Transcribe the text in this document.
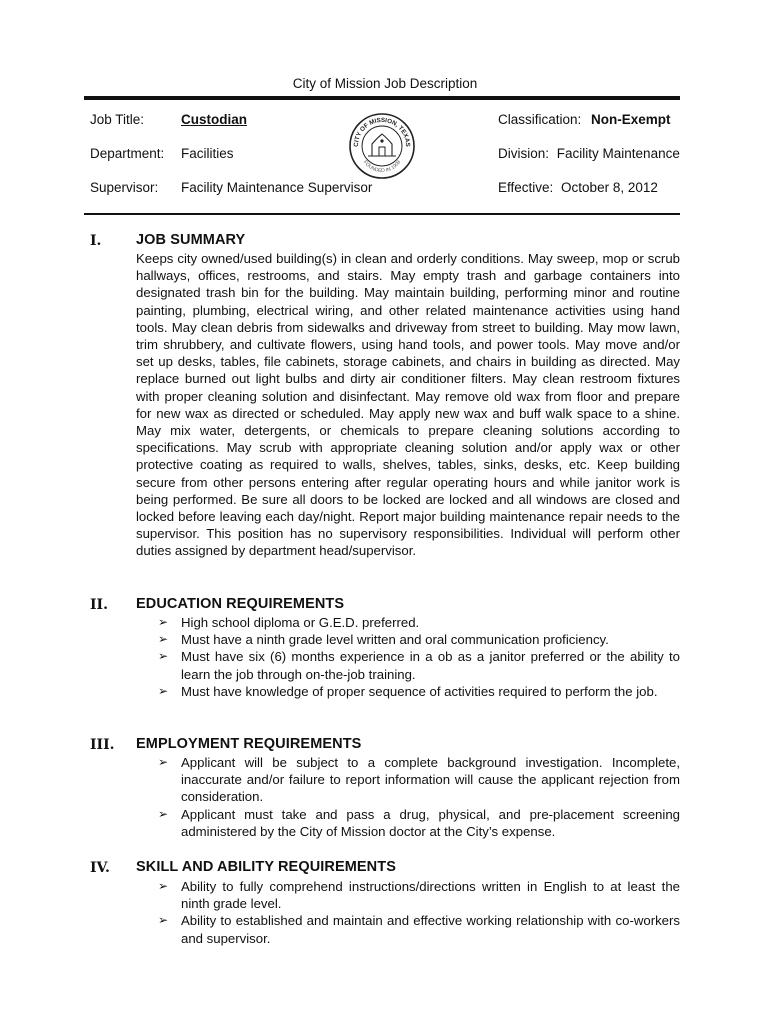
City of Mission Job Description
Job Title:	Custodian
Department: Facilities
Supervisor: Facility Maintenance Supervisor
Classification: Non-Exempt
Division: Facility Maintenance
Effective: October 8, 2012
CITY OF MISSION, TEXAS
FOUNDED IN 1908
I. JOB SUMMARY
Keeps city owned/used building(s) in clean and orderly conditions. May sweep, mop or scrub hallways, offices, restrooms, and stairs. May empty trash and garbage containers into designated trash bin for the building. May maintain building, performing minor and routine painting, plumbing, electrical wiring, and other related maintenance activities using hand tools. May clean debris from sidewalks and driveway from street to building. May mow lawn, trim shrubbery, and cultivate flowers, using hand tools, and power tools. May move and/or set up desks, tables, file cabinets, storage cabinets, and chairs in building as directed. May replace burned out light bulbs and dirty air conditioner filters. May clean restroom fixtures with proper cleaning solution and disinfectant. May remove old wax from floor and prepare for new wax as directed or scheduled. May apply new wax and buff walk space to a shine. May mix water, detergents, or chemicals to prepare cleaning solutions according to specifications. May scrub with appropriate cleaning solution and/or apply wax or other protective coating as required to walls, shelves, tables, sinks, desks, etc. Keep building secure from other persons entering after regular operating hours and while janitor work is being performed. Be sure all doors to be locked are locked and all windows are closed and locked before leaving each day/night. Report major building maintenance repair needs to the supervisor. This position has no supervisory responsibilities. Individual will perform other duties assigned by department head/supervisor.
II. EDUCATION REQUIREMENTS
➢ High school diploma or G.E.D. preferred.
➢ Must have a ninth grade level written and oral communication proficiency.
➢ Must have six (6) months experience in a ob as a janitor preferred or the ability to learn the job through on-the-job training.
➢ Must have knowledge of proper sequence of activities required to perform the job.
III. EMPLOYMENT REQUIREMENTS
➢ Applicant will be subject to a complete background investigation. Incomplete, inaccurate and/or failure to report information will cause the applicant rejection from consideration.
➢ Applicant must take and pass a drug, physical, and pre-placement screening administered by the City of Mission doctor at the City’s expense.
IV. SKILL AND ABILITY REQUIREMENTS
➢ Ability to fully comprehend instructions/directions written in English to at least the ninth grade level.
➢ Ability to established and maintain and effective working relationship with co-workers and supervisor.
